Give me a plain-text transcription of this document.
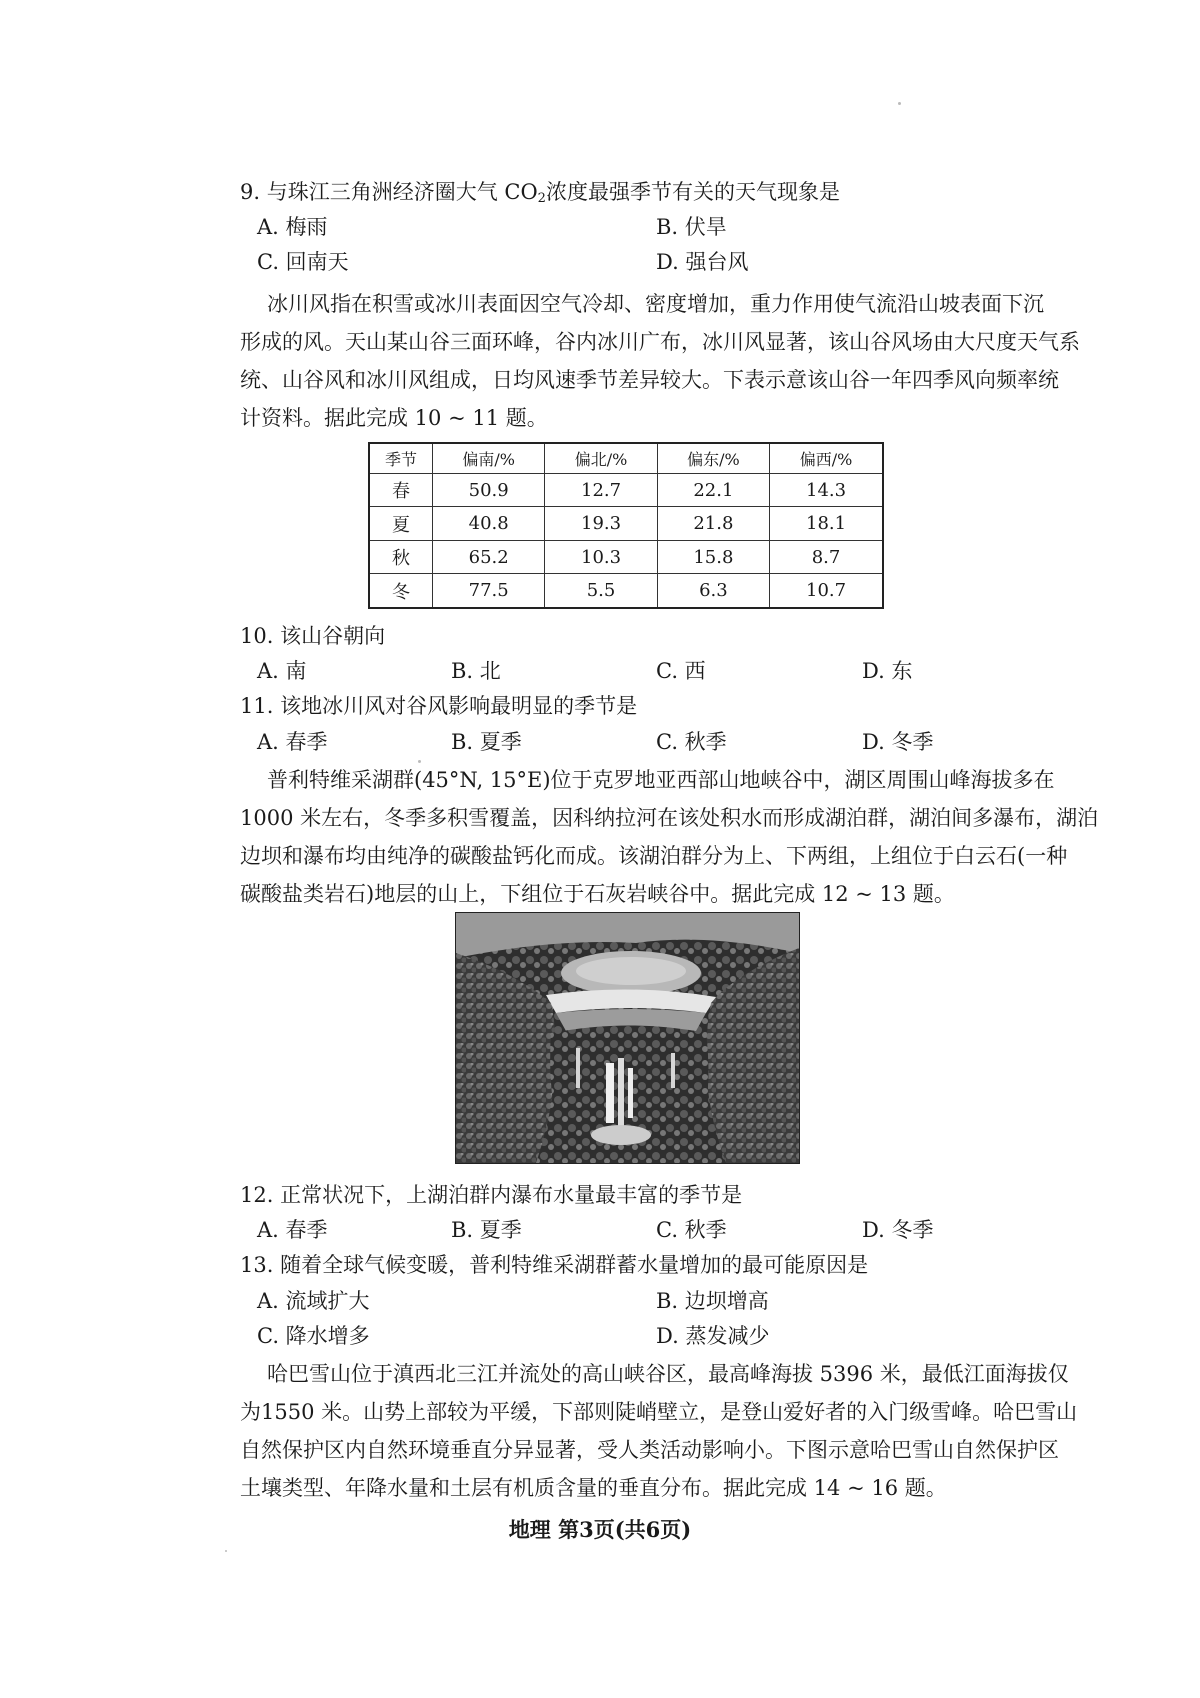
9. 与珠江三角洲经济圈大气 $CO_2$浓度最强季节有关的天气现象是
A. 梅雨	B. 伏旱
C. 回南天	D. 强台风
冰川风指在积雪或冰川表面因空气冷却、密度增加，重力作用使气流沿山坡表面下沉
形成的风。天山某山谷三面环峰，谷内冰川广布，冰川风显著，该山谷风场由大尺度天气系
统、山谷风和冰川风组成，日均风速季节差异较大。下表示意该山谷一年四季风向频率统
计资料。据此完成 10 ~ 11 题。
季节	偏南/%	偏北/%	偏东/%	偏西/%
春	50.9	12.7	22.1	14.3
夏	40.8	19.3	21.8	18.1
秋	65.2	10.3	15.8	8.7
冬	77.5	5.5	6.3	10.7
10. 该山谷朝向
A. 南	B. 北	C. 西	D. 东
11. 该地冰川风对谷风影响最明显的季节是
A. 春季	B. 夏季	C. 秋季	D. 冬季
普利特维采湖群(45°N, 15°E)位于克罗地亚西部山地峡谷中，湖区周围山峰海拔多在
1000 米左右，冬季多积雪覆盖，因科纳拉河在该处积水而形成湖泊群，湖泊间多瀑布，湖泊
边坝和瀑布均由纯净的碳酸盐钙化而成。该湖泊群分为上、下两组，上组位于白云石(一种
碳酸盐类岩石)地层的山上，下组位于石灰岩峡谷中。据此完成 12 ~ 13 题。
12. 正常状况下，上湖泊群内瀑布水量最丰富的季节是
A. 春季	B. 夏季	C. 秋季	D. 冬季
13. 随着全球气候变暖，普利特维采湖群蓄水量增加的最可能原因是
A. 流域扩大	B. 边坝增高
C. 降水增多	D. 蒸发减少
哈巴雪山位于滇西北三江并流处的高山峡谷区，最高峰海拔 5396 米，最低江面海拔仅
为1550 米。山势上部较为平缓，下部则陡峭壁立，是登山爱好者的入门级雪峰。哈巴雪山
自然保护区内自然环境垂直分异显著，受人类活动影响小。下图示意哈巴雪山自然保护区
土壤类型、年降水量和土层有机质含量的垂直分布。据此完成 14 ~ 16 题。
地理 第3页(共6页)
